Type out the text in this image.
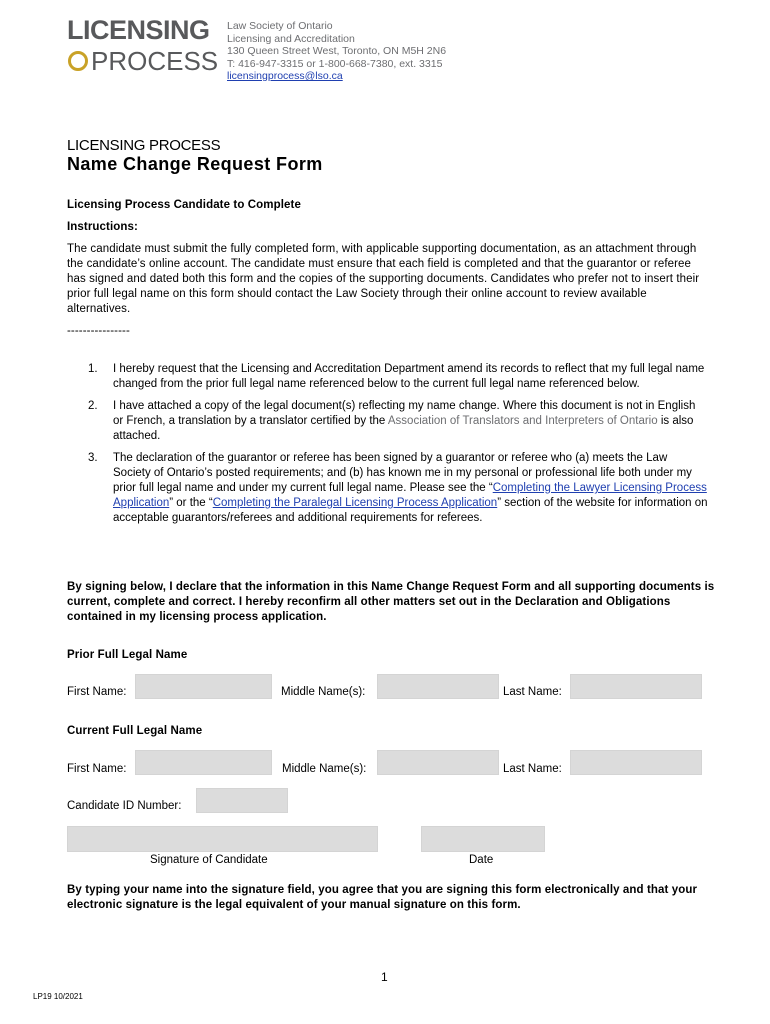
LICENSING
PROCESS
Law Society of Ontario
Licensing and Accreditation
130 Queen Street West, Toronto, ON M5H 2N6
T: 416-947-3315 or 1-800-668-7380, ext. 3315
licensingprocess@lso.ca
LICENSING PROCESS
Name Change Request Form
Licensing Process Candidate to Complete
Instructions:
The candidate must submit the fully completed form, with applicable supporting documentation, as an attachment through the candidate’s online account. The candidate must ensure that each field is completed and that the guarantor or referee has signed and dated both this form and the copies of the supporting documents. Candidates who prefer not to insert their prior full legal name on this form should contact the Law Society through their online account to review available alternatives.
----------------
1.	I hereby request that the Licensing and Accreditation Department amend its records to reflect that my full legal name changed from the prior full legal name referenced below to the current full legal name referenced below.
2.	I have attached a copy of the legal document(s) reflecting my name change. Where this document is not in English or French, a translation by a translator certified by the Association of Translators and Interpreters of Ontario is also attached.
3.	The declaration of the guarantor or referee has been signed by a guarantor or referee who (a) meets the Law Society of Ontario’s posted requirements; and (b) has known me in my personal or professional life both under my prior full legal name and under my current full legal name. Please see the “Completing the Lawyer Licensing Process Application” or the “Completing the Paralegal Licensing Process Application” section of the website for information on acceptable guarantors/referees and additional requirements for referees.
By signing below, I declare that the information in this Name Change Request Form and all supporting documents is current, complete and correct. I hereby reconfirm all other matters set out in the Declaration and Obligations contained in my licensing process application.
Prior Full Legal Name
First Name:	Middle Name(s):	Last Name:
Current Full Legal Name
First Name:	Middle Name(s):	Last Name:
Candidate ID Number:
Signature of Candidate	Date
By typing your name into the signature field, you agree that you are signing this form electronically and that your electronic signature is the legal equivalent of your manual signature on this form.
1
LP19 10/2021
